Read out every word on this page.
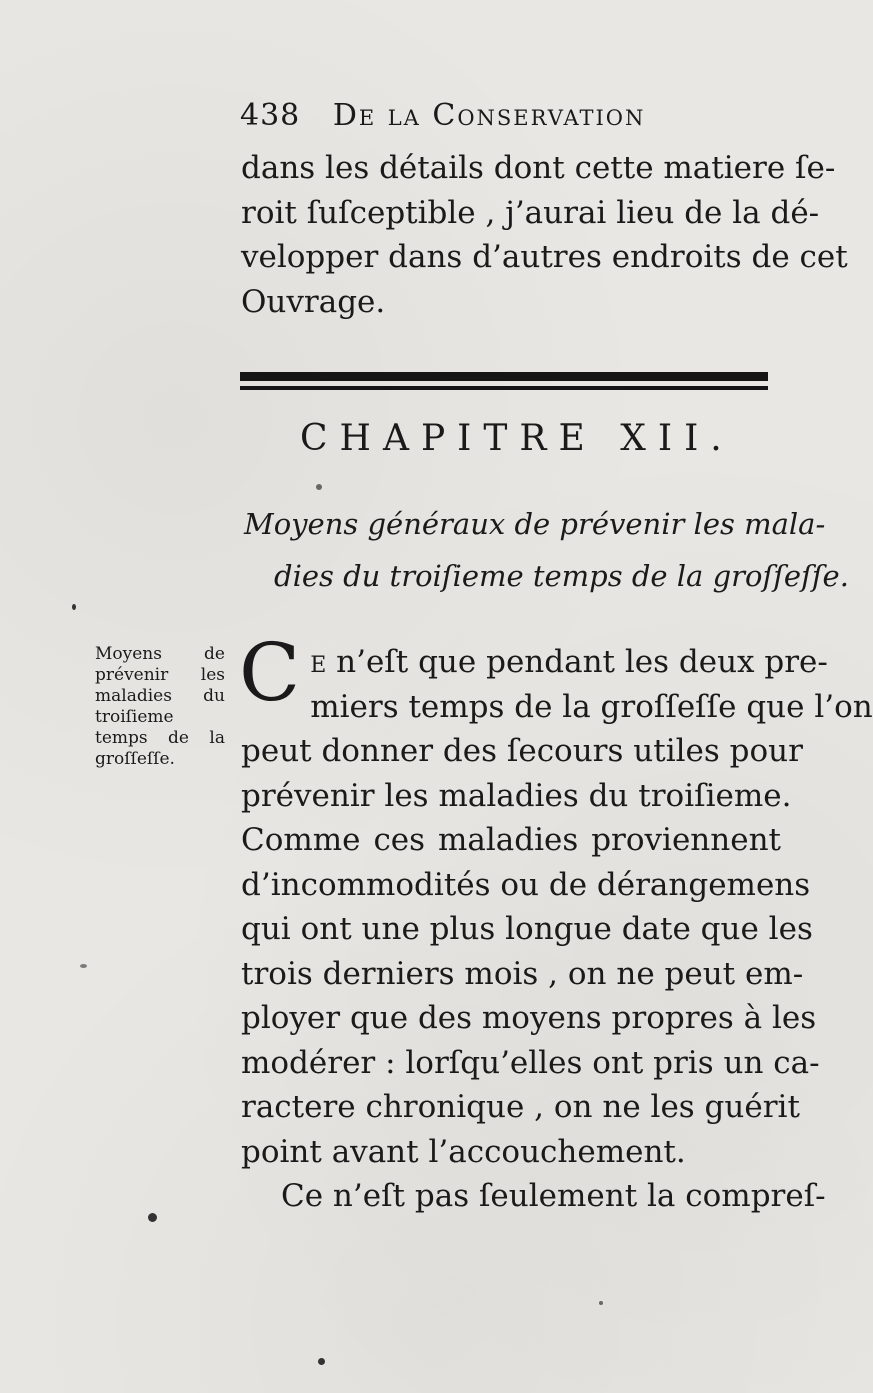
438 De la Conservation
dans les détails dont cette matiere ſe-
roit ſuſceptible , j’aurai lieu de la dé-
velopper dans d’autres endroits de cet
Ouvrage.
CHAPITRE XII.
Moyens généraux de prévenir les mala-
dies du troiſieme temps de la groſſeſſe.
Moyens de
prévenir les
maladies du
troiſieme
temps de la
groſſeſſe.
C e n’eſt que pendant les deux pre-
miers temps de la groſſeſſe que l’on
peut donner des ſecours utiles pour
prévenir les maladies du troiſieme.
Comme ces maladies proviennent
d’incommodités ou de dérangemens
qui ont une plus longue date que les
trois derniers mois , on ne peut em-
ployer que des moyens propres à les
modérer : lorſqu’elles ont pris un ca-
ractere chronique , on ne les guérit
point avant l’accouchement.
Ce n’eſt pas ſeulement la compreſ-
